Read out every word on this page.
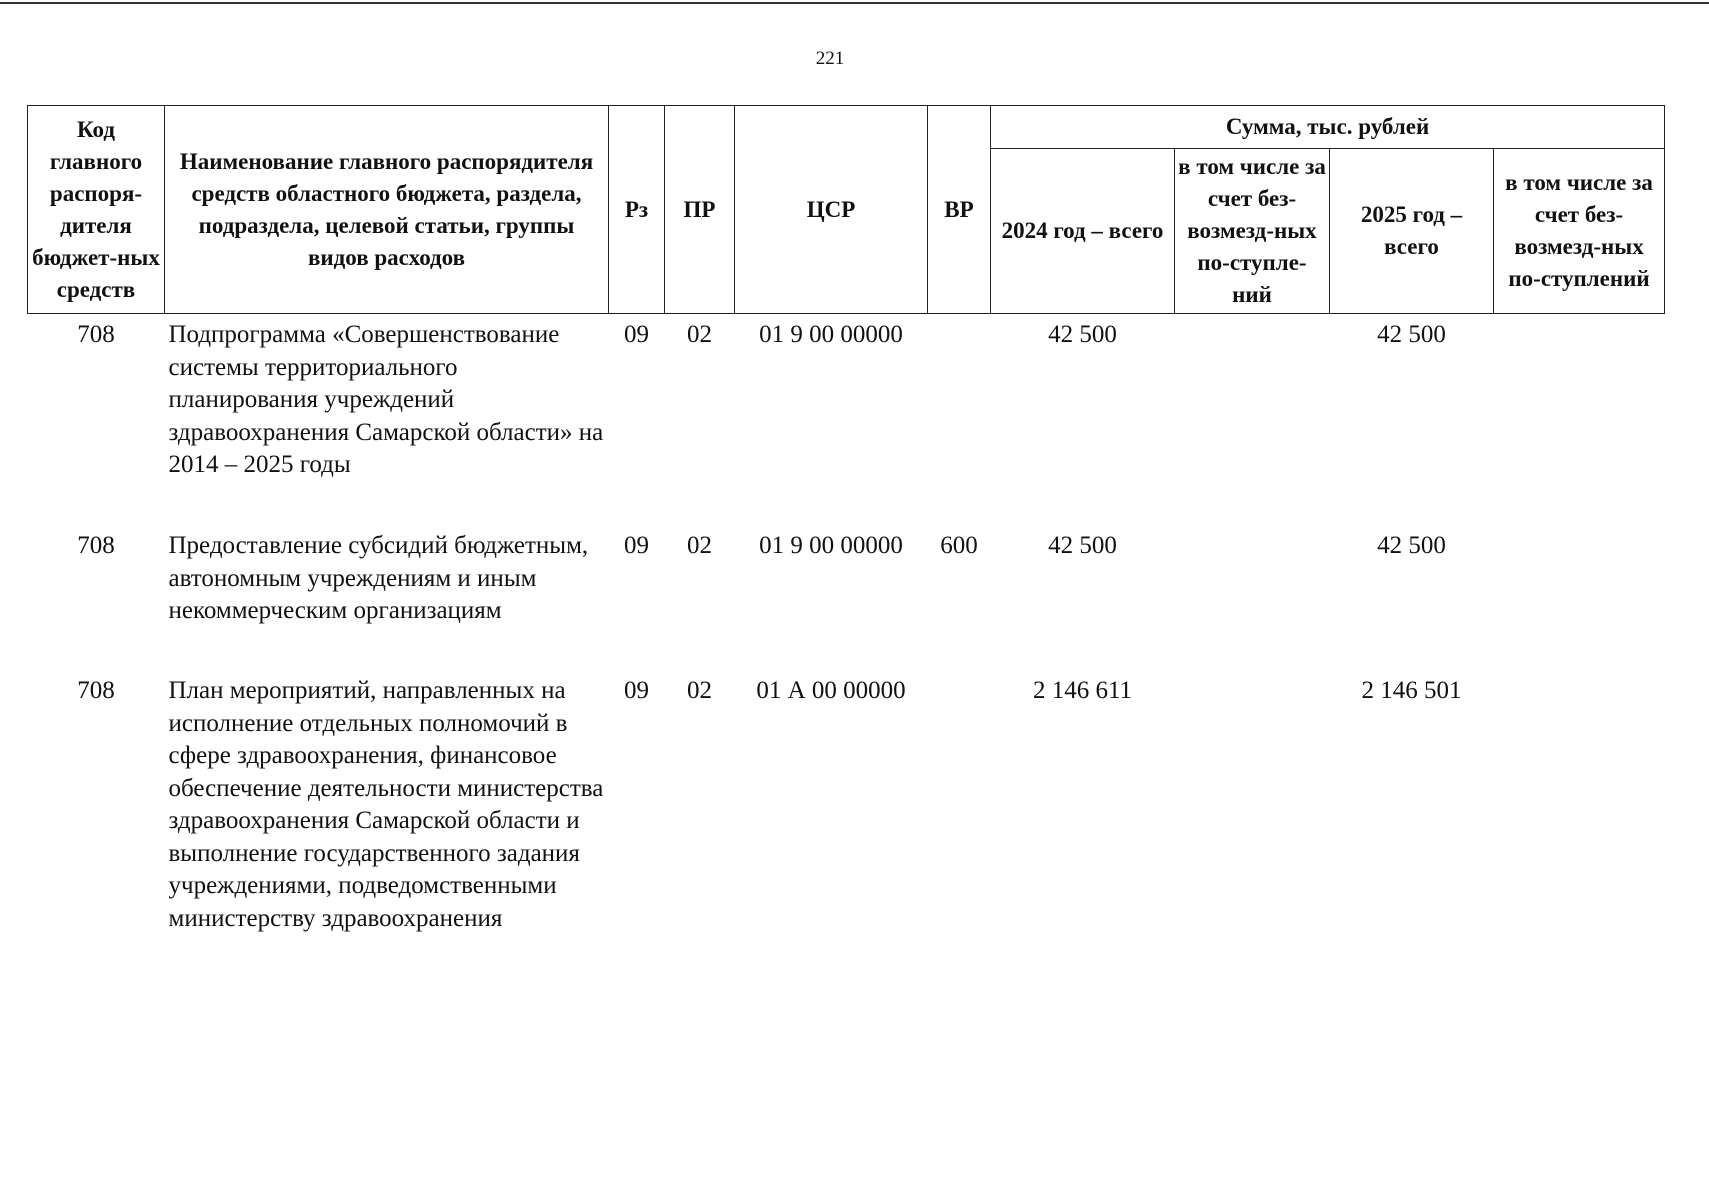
221
Код главного распоря-дителя бюджет-ных средств	Наименование главного распорядителя средств областного бюджета, раздела, подраздела, целевой статьи, группы видов расходов	Рз	ПР	ЦСР	ВР	Сумма, тыс. рублей			
						2024 год – всего	в том числе за счет без-возмезд-ных по-ступле-ний	2025 год – всего	в том числе за счет без-возмезд-ных по-ступлений
708	Подпрограмма «Совершенствование системы территориального планирования учреждений здравоохранения Самарской области» на 2014 – 2025 годы	09	02	01 9 00 00000		42 500		42 500	
708	Предоставление субсидий бюджетным, автономным учреждениям и иным некоммерческим организациям	09	02	01 9 00 00000	600	42 500		42 500	
708	План мероприятий, направленных на исполнение отдельных полномочий в сфере здравоохранения, финансовое обеспечение деятельности министерства здравоохранения Самарской области и выполнение государственного задания учреждениями, подведомственными министерству здравоохранения	09	02	01 А 00 00000		2 146 611		2 146 501	
